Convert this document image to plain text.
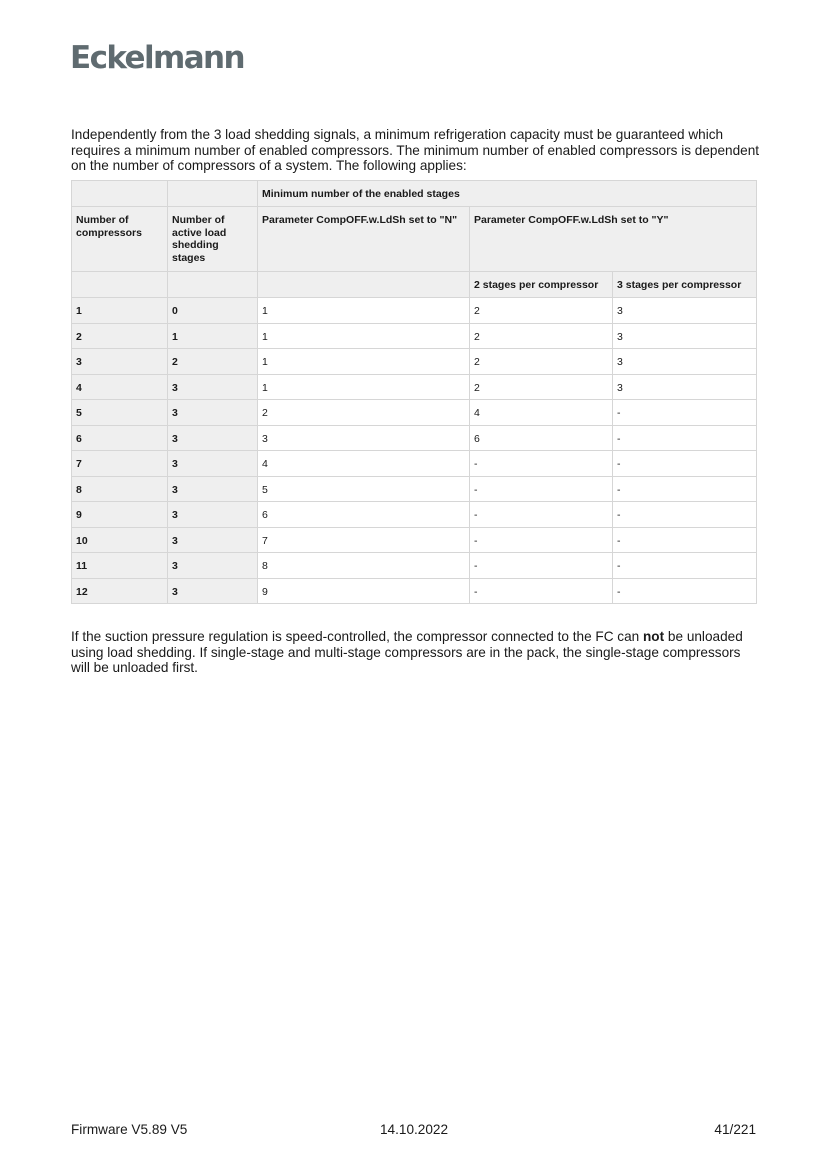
Eckelmann

Independently from the 3 load shedding signals, a minimum refrigeration capacity must be guaranteed which requires a minimum number of enabled compressors. The minimum number of enabled compressors is dependent on the number of compressors of a system. The following applies:

		Minimum number of the enabled stages		
Number of compressors	Number of active load shedding stages	Parameter CompOFF.w.LdSh set to "N"	Parameter CompOFF.w.LdSh set to "Y"	
			2 stages per compressor	3 stages per compressor
1	0	1	2	3
2	1	1	2	3
3	2	1	2	3
4	3	1	2	3
5	3	2	4	-
6	3	3	6	-
7	3	4	-	-
8	3	5	-	-
9	3	6	-	-
10	3	7	-	-
11	3	8	-	-
12	3	9	-	-

If the suction pressure regulation is speed-controlled, the compressor connected to the FC can not be unloaded using load shedding. If single-stage and multi-stage compressors are in the pack, the single-stage compressors will be unloaded first.

Firmware V5.89 V5	14.10.2022	41/221
